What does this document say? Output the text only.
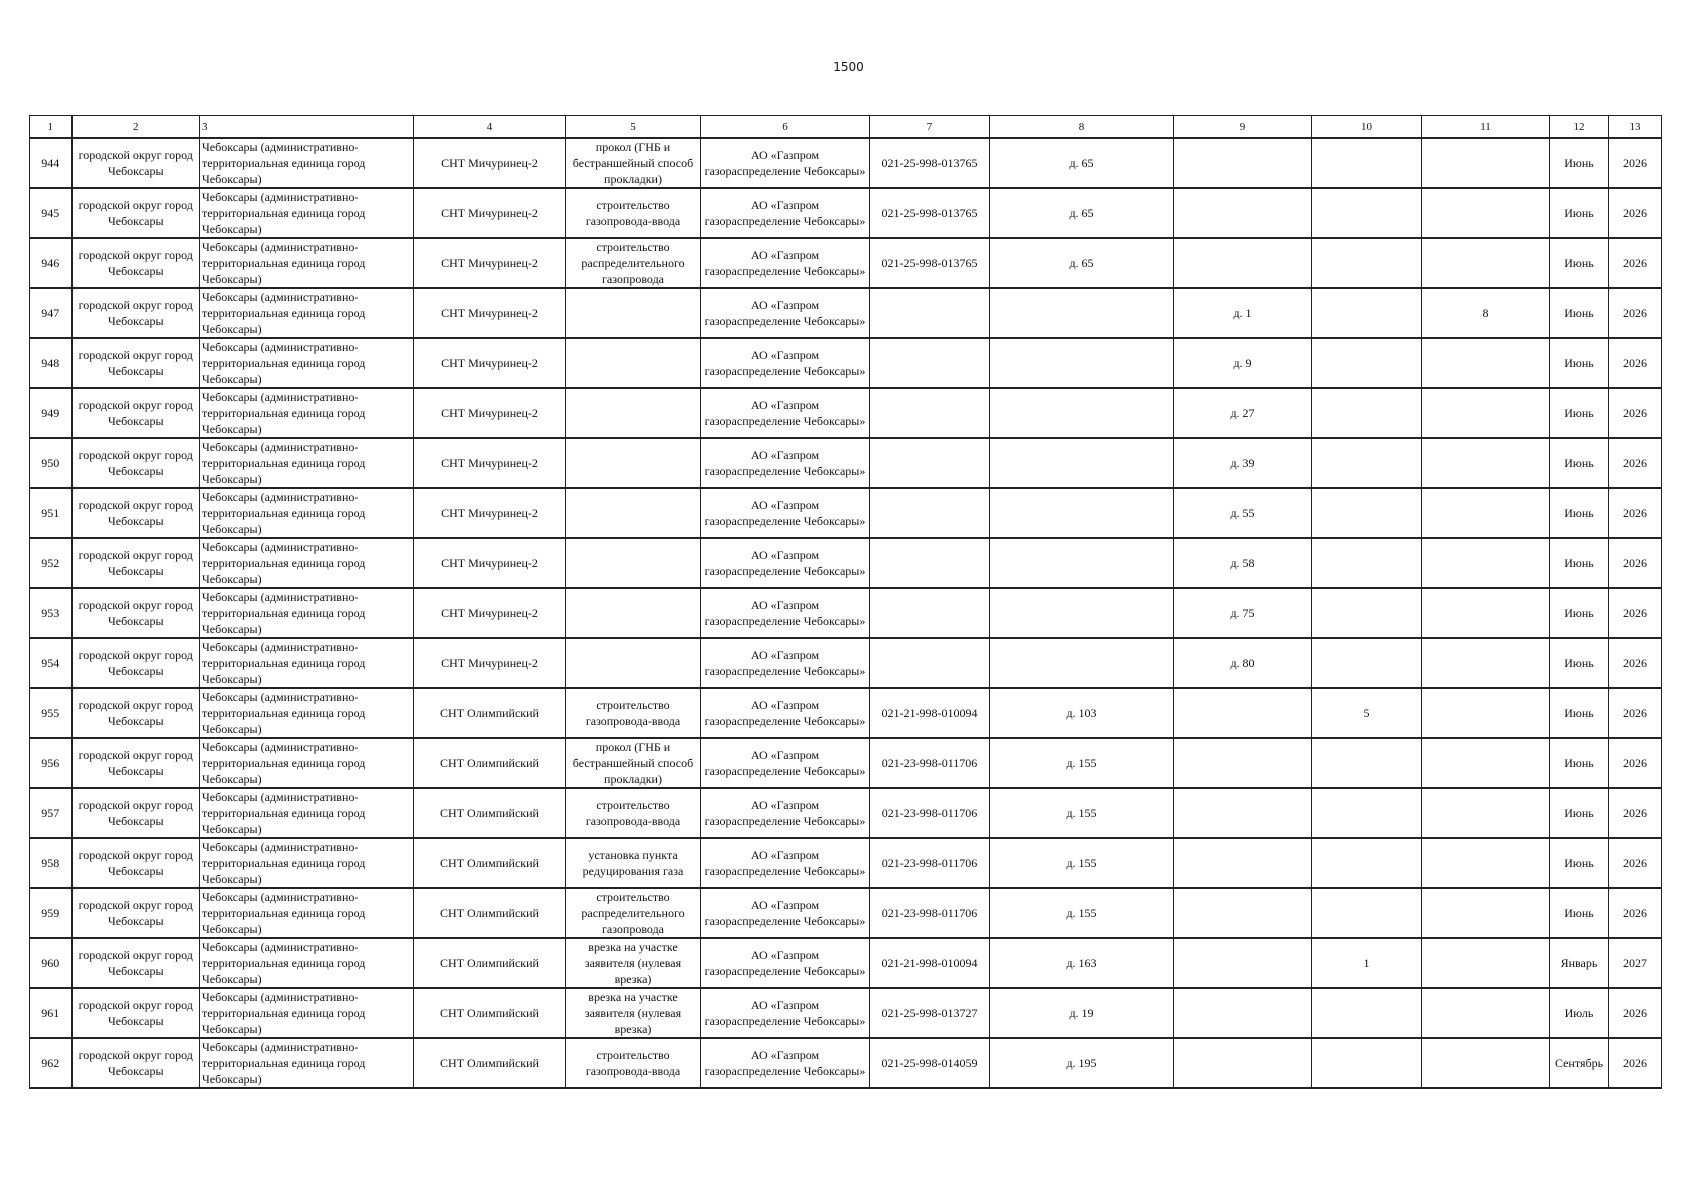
1500
1	2	3	4	5	6	7	8	9	10	11	12	13
944	городской округ город Чебоксары	Чебоксары (административно-территориальная единица город Чебоксары)	СНТ Мичуринец-2	прокол (ГНБ и бестраншейный способ прокладки)	АО «Газпром газораспределение Чебоксары»	021-25-998-013765	д. 65				Июнь	2026
945	городской округ город Чебоксары	Чебоксары (административно-территориальная единица город Чебоксары)	СНТ Мичуринец-2	строительство газопровода-ввода	АО «Газпром газораспределение Чебоксары»	021-25-998-013765	д. 65				Июнь	2026
946	городской округ город Чебоксары	Чебоксары (административно-территориальная единица город Чебоксары)	СНТ Мичуринец-2	строительство распределительного газопровода	АО «Газпром газораспределение Чебоксары»	021-25-998-013765	д. 65				Июнь	2026
947	городской округ город Чебоксары	Чебоксары (административно-территориальная единица город Чебоксары)	СНТ Мичуринец-2		АО «Газпром газораспределение Чебоксары»			д. 1		8	Июнь	2026
948	городской округ город Чебоксары	Чебоксары (административно-территориальная единица город Чебоксары)	СНТ Мичуринец-2		АО «Газпром газораспределение Чебоксары»			д. 9			Июнь	2026
949	городской округ город Чебоксары	Чебоксары (административно-территориальная единица город Чебоксары)	СНТ Мичуринец-2		АО «Газпром газораспределение Чебоксары»			д. 27			Июнь	2026
950	городской округ город Чебоксары	Чебоксары (административно-территориальная единица город Чебоксары)	СНТ Мичуринец-2		АО «Газпром газораспределение Чебоксары»			д. 39			Июнь	2026
951	городской округ город Чебоксары	Чебоксары (административно-территориальная единица город Чебоксары)	СНТ Мичуринец-2		АО «Газпром газораспределение Чебоксары»			д. 55			Июнь	2026
952	городской округ город Чебоксары	Чебоксары (административно-территориальная единица город Чебоксары)	СНТ Мичуринец-2		АО «Газпром газораспределение Чебоксары»			д. 58			Июнь	2026
953	городской округ город Чебоксары	Чебоксары (административно-территориальная единица город Чебоксары)	СНТ Мичуринец-2		АО «Газпром газораспределение Чебоксары»			д. 75			Июнь	2026
954	городской округ город Чебоксары	Чебоксары (административно-территориальная единица город Чебоксары)	СНТ Мичуринец-2		АО «Газпром газораспределение Чебоксары»			д. 80			Июнь	2026
955	городской округ город Чебоксары	Чебоксары (административно-территориальная единица город Чебоксары)	СНТ Олимпийский	строительство газопровода-ввода	АО «Газпром газораспределение Чебоксары»	021-21-998-010094	д. 103		5		Июнь	2026
956	городской округ город Чебоксары	Чебоксары (административно-территориальная единица город Чебоксары)	СНТ Олимпийский	прокол (ГНБ и бестраншейный способ прокладки)	АО «Газпром газораспределение Чебоксары»	021-23-998-011706	д. 155				Июнь	2026
957	городской округ город Чебоксары	Чебоксары (административно-территориальная единица город Чебоксары)	СНТ Олимпийский	строительство газопровода-ввода	АО «Газпром газораспределение Чебоксары»	021-23-998-011706	д. 155				Июнь	2026
958	городской округ город Чебоксары	Чебоксары (административно-территориальная единица город Чебоксары)	СНТ Олимпийский	установка пункта редуцирования газа	АО «Газпром газораспределение Чебоксары»	021-23-998-011706	д. 155				Июнь	2026
959	городской округ город Чебоксары	Чебоксары (административно-территориальная единица город Чебоксары)	СНТ Олимпийский	строительство распределительного газопровода	АО «Газпром газораспределение Чебоксары»	021-23-998-011706	д. 155				Июнь	2026
960	городской округ город Чебоксары	Чебоксары (административно-территориальная единица город Чебоксары)	СНТ Олимпийский	врезка на участке заявителя (нулевая врезка)	АО «Газпром газораспределение Чебоксары»	021-21-998-010094	д. 163		1		Январь	2027
961	городской округ город Чебоксары	Чебоксары (административно-территориальная единица город Чебоксары)	СНТ Олимпийский	врезка на участке заявителя (нулевая врезка)	АО «Газпром газораспределение Чебоксары»	021-25-998-013727	д. 19				Июль	2026
962	городской округ город Чебоксары	Чебоксары (административно-территориальная единица город Чебоксары)	СНТ Олимпийский	строительство газопровода-ввода	АО «Газпром газораспределение Чебоксары»	021-25-998-014059	д. 195				Сентябрь	2026
